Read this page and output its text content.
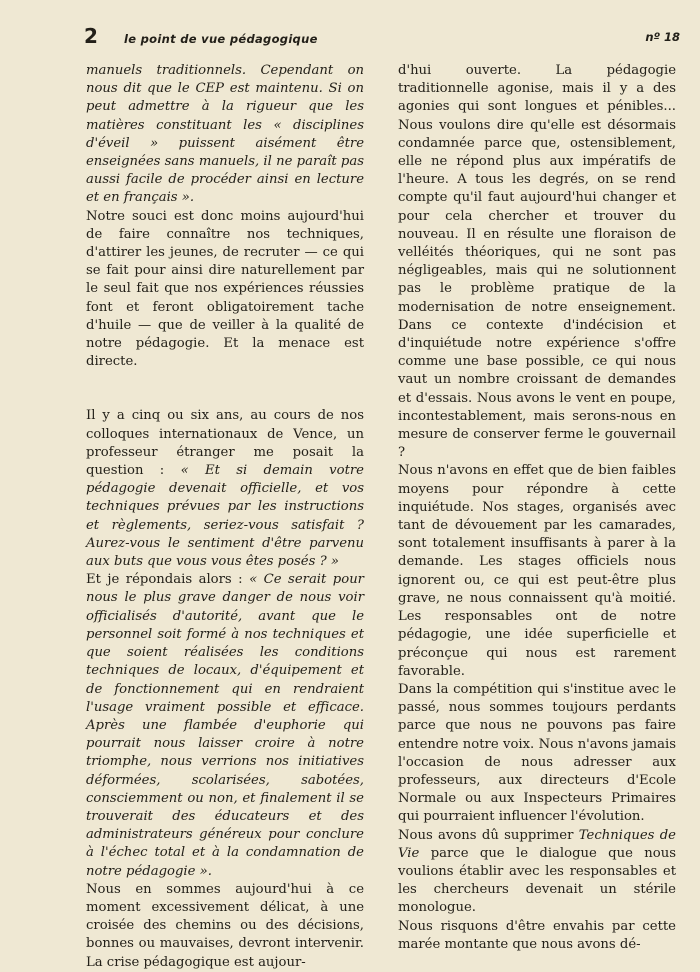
2 le point de vue pédagogique	nº 18

manuels traditionnels. Cependant on nous dit que le CEP est maintenu. Si on peut admettre à la rigueur que les matières constituant les « disciplines d'éveil » puissent aisément être enseignées sans manuels, il ne paraît pas aussi facile de procéder ainsi en lecture et en français ».

Notre souci est donc moins aujourd'hui de faire connaître nos techniques, d'attirer les jeunes, de recruter — ce qui se fait pour ainsi dire naturellement par le seul fait que nos expériences réussies font et feront obligatoirement tache d'huile — que de veiller à la qualité de notre pédagogie. Et la menace est directe.

Il y a cinq ou six ans, au cours de nos colloques internationaux de Vence, un professeur étranger me posait la question : « Et si demain votre pédagogie devenait officielle, et vos techniques prévues par les instructions et règlements, seriez-vous satisfait ? Aurez-vous le sentiment d'être parvenu aux buts que vous vous êtes posés ? »

Et je répondais alors : « Ce serait pour nous le plus grave danger de nous voir officialisés d'autorité, avant que le personnel soit formé à nos techniques et que soient réalisées les conditions techniques de locaux, d'équipement et de fonctionnement qui en rendraient l'usage vraiment possible et efficace. Après une flambée d'euphorie qui pourrait nous laisser croire à notre triomphe, nous verrions nos initiatives déformées, scolarisées, sabotées, consciemment ou non, et finalement il se trouverait des éducateurs et des administrateurs généreux pour conclure à l'échec total et à la condamnation de notre pédagogie ».

Nous en sommes aujourd'hui à ce moment excessivement délicat, à une croisée des chemins ou des décisions, bonnes ou mauvaises, devront intervenir. La crise pédagogique est aujour-

d'hui ouverte. La pédagogie traditionnelle agonise, mais il y a des agonies qui sont longues et pénibles... Nous voulons dire qu'elle est désormais condamnée parce que, ostensiblement, elle ne répond plus aux impératifs de l'heure. A tous les degrés, on se rend compte qu'il faut aujourd'hui changer et pour cela chercher et trouver du nouveau. Il en résulte une floraison de velléités théoriques, qui ne sont pas négligeables, mais qui ne solutionnent pas le problème pratique de la modernisation de notre enseignement. Dans ce contexte d'indécision et d'inquiétude notre expérience s'offre comme une base possible, ce qui nous vaut un nombre croissant de demandes et d'essais. Nous avons le vent en poupe, incontestablement, mais serons-nous en mesure de conserver ferme le gouvernail ?

Nous n'avons en effet que de bien faibles moyens pour répondre à cette inquiétude. Nos stages, organisés avec tant de dévouement par les camarades, sont totalement insuffisants à parer à la demande. Les stages officiels nous ignorent ou, ce qui est peut-être plus grave, ne nous connaissent qu'à moitié. Les responsables ont de notre pédagogie, une idée superficielle et préconçue qui nous est rarement favorable.

Dans la compétition qui s'institue avec le passé, nous sommes toujours perdants parce que nous ne pouvons pas faire entendre notre voix. Nous n'avons jamais l'occasion de nous adresser aux professeurs, aux directeurs d'Ecole Normale ou aux Inspecteurs Primaires qui pourraient influencer l'évolution.

Nous avons dû supprimer Techniques de Vie parce que le dialogue que nous voulions établir avec les responsables et les chercheurs devenait un stérile monologue.

Nous risquons d'être envahis par cette marée montante que nous avons dé-
